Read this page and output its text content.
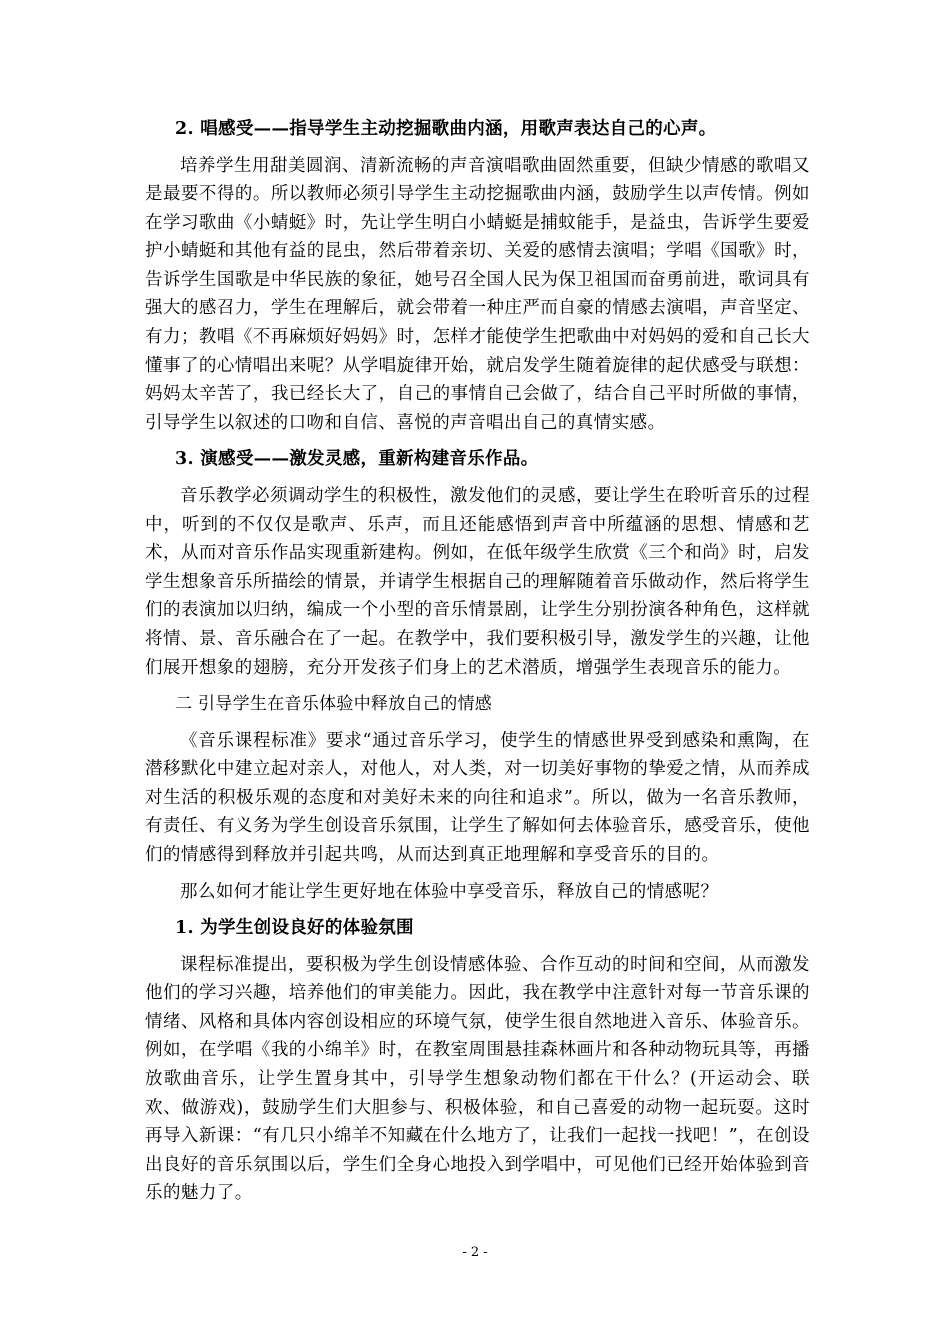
2. 唱感受——指导学生主动挖掘歌曲内涵，用歌声表达自己的心声。

培养学生用甜美圆润、清新流畅的声音演唱歌曲固然重要，但缺少情感的歌唱又是最要不得的。所以教师必须引导学生主动挖掘歌曲内涵，鼓励学生以声传情。例如在学习歌曲《小蜻蜓》时，先让学生明白小蜻蜓是捕蚊能手，是益虫，告诉学生要爱护小蜻蜓和其他有益的昆虫，然后带着亲切、关爱的感情去演唱；学唱《国歌》时，告诉学生国歌是中华民族的象征，她号召全国人民为保卫祖国而奋勇前进，歌词具有强大的感召力，学生在理解后，就会带着一种庄严而自豪的情感去演唱，声音坚定、有力；教唱《不再麻烦好妈妈》时，怎样才能使学生把歌曲中对妈妈的爱和自己长大懂事了的心情唱出来呢？从学唱旋律开始，就启发学生随着旋律的起伏感受与联想：妈妈太辛苦了，我已经长大了，自己的事情自己会做了，结合自己平时所做的事情，引导学生以叙述的口吻和自信、喜悦的声音唱出自己的真情实感。

3. 演感受——激发灵感，重新构建音乐作品。

音乐教学必须调动学生的积极性，激发他们的灵感，要让学生在聆听音乐的过程中，听到的不仅仅是歌声、乐声，而且还能感悟到声音中所蕴涵的思想、情感和艺术，从而对音乐作品实现重新建构。例如，在低年级学生欣赏《三个和尚》时，启发学生想象音乐所描绘的情景，并请学生根据自己的理解随着音乐做动作，然后将学生们的表演加以归纳，编成一个小型的音乐情景剧，让学生分别扮演各种角色，这样就将情、景、音乐融合在了一起。在教学中，我们要积极引导，激发学生的兴趣，让他们展开想象的翅膀，充分开发孩子们身上的艺术潜质，增强学生表现音乐的能力。

二 引导学生在音乐体验中释放自己的情感

《音乐课程标准》要求“通过音乐学习，使学生的情感世界受到感染和熏陶，在潜移默化中建立起对亲人，对他人，对人类，对一切美好事物的挚爱之情，从而养成对生活的积极乐观的态度和对美好未来的向往和追求”。所以，做为一名音乐教师，有责任、有义务为学生创设音乐氛围，让学生了解如何去体验音乐，感受音乐，使他们的情感得到释放并引起共鸣，从而达到真正地理解和享受音乐的目的。

那么如何才能让学生更好地在体验中享受音乐，释放自己的情感呢？

1. 为学生创设良好的体验氛围

课程标准提出，要积极为学生创设情感体验、合作互动的时间和空间，从而激发他们的学习兴趣，培养他们的审美能力。因此，我在教学中注意针对每一节音乐课的情绪、风格和具体内容创设相应的环境气氛，使学生很自然地进入音乐、体验音乐。例如，在学唱《我的小绵羊》时，在教室周围悬挂森林画片和各种动物玩具等，再播放歌曲音乐，让学生置身其中，引导学生想象动物们都在干什么？(开运动会、联欢、做游戏)，鼓励学生们大胆参与、积极体验，和自己喜爱的动物一起玩耍。这时再导入新课：“有几只小绵羊不知藏在什么地方了，让我们一起找一找吧！”，在创设出良好的音乐氛围以后，学生们全身心地投入到学唱中，可见他们已经开始体验到音乐的魅力了。

- 2 -
